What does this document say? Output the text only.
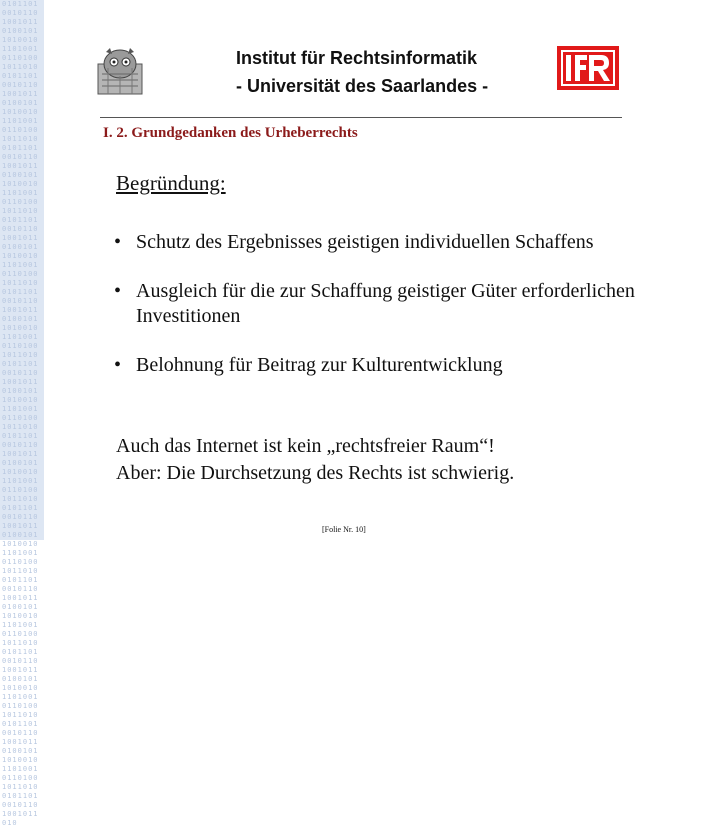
0101101001011010010110100101101001011010010110100101101001011010010110100101101001011010010110100101101001011010010110100101101001011010010110100101101001011010010110100101101001011010010110100101101001011010010110100101101001011010010110100101101001011010010110100101101001011010010110100101101001011010010110100101101001011010010110100101101001011010010110100101101001011010010110100101101001011010010110100101101001011010010110100101101001011010010110100101101001011010010110100101101001011010010110100101101001011010010110100101101001011010010110100101101001011010010110100101101001011010010110100101101001011010010110100101101001011010
Institut für Rechtsinformatik
- Universität des Saarlandes -
I. 2. Grundgedanken des Urheberrechts
Begründung:
• Schutz des Ergebnisses geistigen individuellen Schaffens
• Ausgleich für die zur Schaffung geistiger Güter erforderlichen Investitionen
• Belohnung für Beitrag zur Kulturentwicklung
Auch das Internet ist kein „rechtsfreier Raum“!
Aber: Die Durchsetzung des Rechts ist schwierig.
[Folie Nr. 10]
